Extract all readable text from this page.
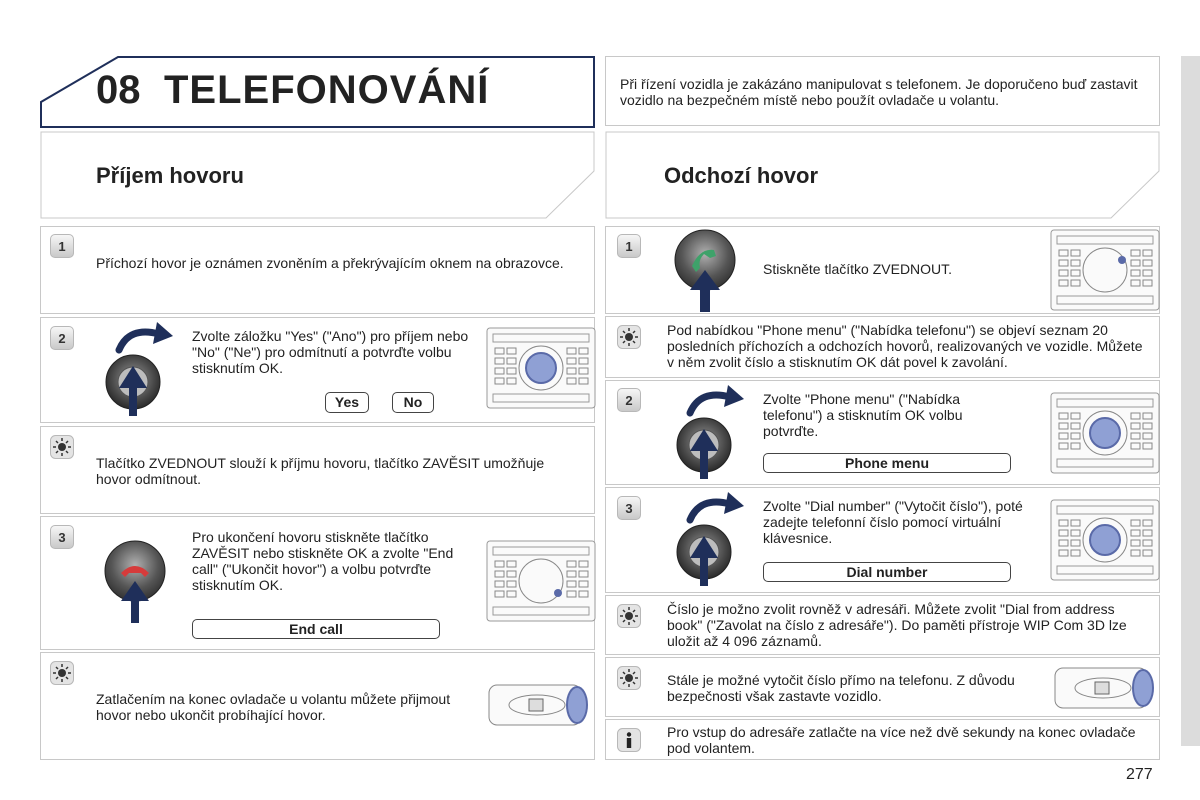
08 TELEFONOVÁNÍ	Při řízení vozidla je zakázáno manipulovat s telefonem. Je doporučeno buď zastavit vozidlo na bezpečném místě nebo použít ovladače u volantu.
Příjem hovoru
1
Příchozí hovor je oznámen zvoněním a překrývajícím oknem na obrazovce.
2	Zvolte záložku "Yes" ("Ano") pro příjem nebo "No" ("Ne") pro odmítnutí a potvrďte volbu stisknutím OK.
Yes	No
Tlačítko ZVEDNOUT slouží k příjmu hovoru, tlačítko ZAVĚSIT umožňuje hovor odmítnout.
3	Pro ukončení hovoru stiskněte tlačítko ZAVĚSIT nebo stiskněte OK a zvolte "End call" ("Ukončit hovor") a volbu potvrďte stisknutím OK.
End call
Zatlačením na konec ovladače u volantu můžete přijmout hovor nebo ukončit probíhající hovor.
Odchozí hovor
1
Stiskněte tlačítko ZVEDNOUT.
Pod nabídkou "Phone menu" ("Nabídka telefonu") se objeví seznam 20 posledních příchozích a odchozích hovorů, realizovaných ve vozidle. Můžete v něm zvolit číslo a stisknutím OK dát povel k zavolání.
2	Zvolte "Phone menu" ("Nabídka telefonu") a stisknutím OK volbu potvrďte.
Phone menu
3	Zvolte "Dial number" ("Vytočit číslo"), poté zadejte telefonní číslo pomocí virtuální klávesnice.
Dial number
Číslo je možno zvolit rovněž v adresáři. Můžete zvolit "Dial from address book" ("Zavolat na číslo z adresáře"). Do paměti přístroje WIP Com 3D lze uložit až 4 096 záznamů.
Stále je možné vytočit číslo přímo na telefonu. Z důvodu bezpečnosti však zastavte vozidlo.
Pro vstup do adresáře zatlačte na více než dvě sekundy na konec ovladače pod volantem.
277
